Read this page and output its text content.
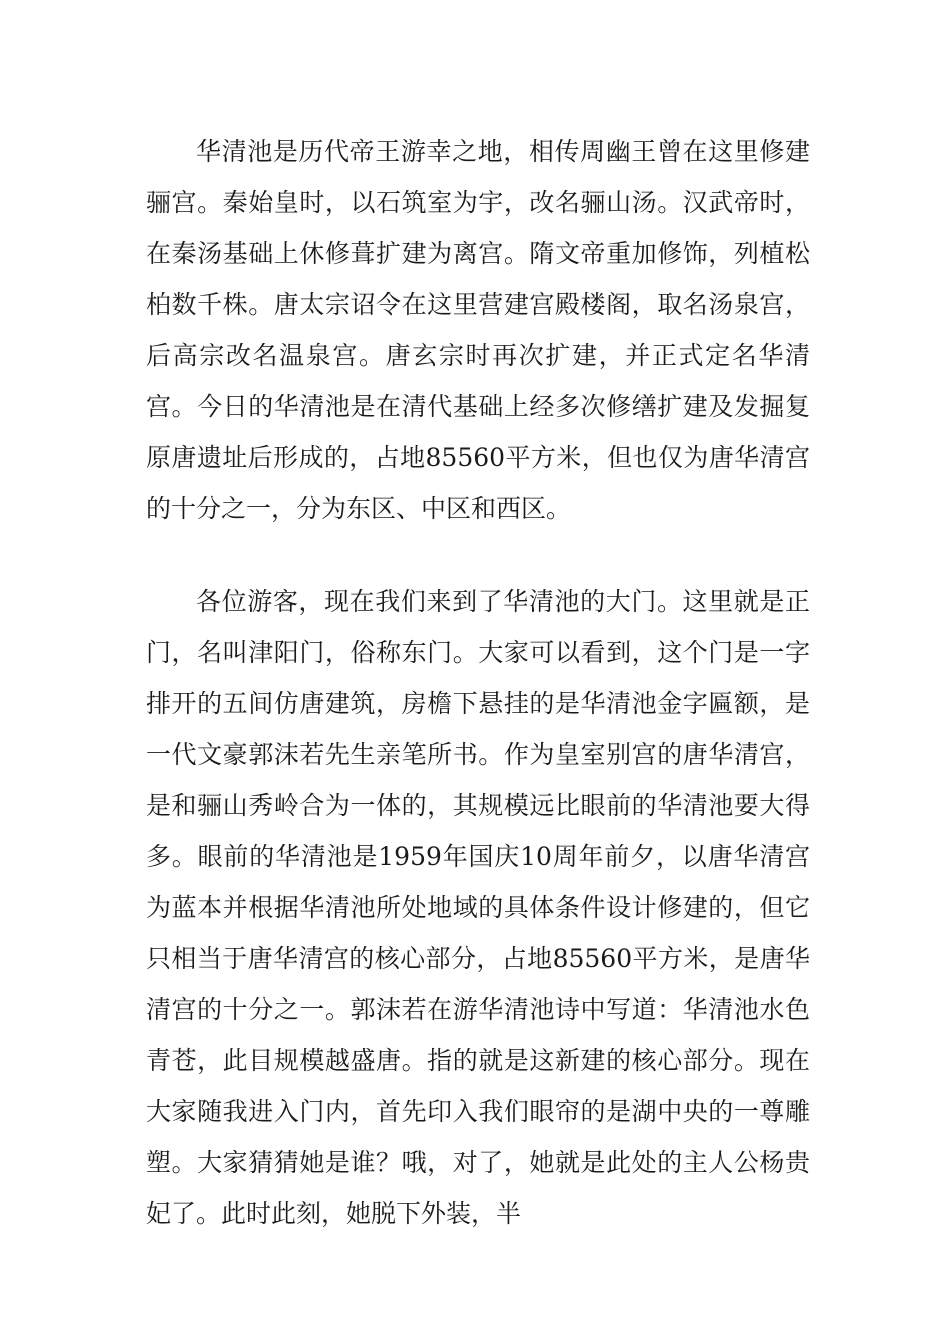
华清池是历代帝王游幸之地，相传周幽王曾在这里修建骊宫。秦始皇时，以石筑室为宇，改名骊山汤。汉武帝时，在秦汤基础上休修葺扩建为离宫。隋文帝重加修饰，列植松柏数千株。唐太宗诏令在这里营建宫殿楼阁，取名汤泉宫，后高宗改名温泉宫。唐玄宗时再次扩建，并正式定名华清宫。今日的华清池是在清代基础上经多次修缮扩建及发掘复原唐遗址后形成的，占地85560平方米，但也仅为唐华清宫的十分之一，分为东区、中区和西区。

各位游客，现在我们来到了华清池的大门。这里就是正门，名叫津阳门，俗称东门。大家可以看到，这个门是一字排开的五间仿唐建筑，房檐下悬挂的是华清池金字匾额，是一代文豪郭沫若先生亲笔所书。作为皇室别宫的唐华清宫，是和骊山秀岭合为一体的，其规模远比眼前的华清池要大得多。眼前的华清池是1959年国庆10周年前夕，以唐华清宫为蓝本并根据华清池所处地域的具体条件设计修建的，但它只相当于唐华清宫的核心部分，占地85560平方米，是唐华清宫的十分之一。郭沫若在游华清池诗中写道：华清池水色青苍，此目规模越盛唐。指的就是这新建的核心部分。现在大家随我进入门内，首先印入我们眼帘的是湖中央的一尊雕塑。大家猜猜她是谁？哦，对了，她就是此处的主人公杨贵妃了。此时此刻，她脱下外装，半
